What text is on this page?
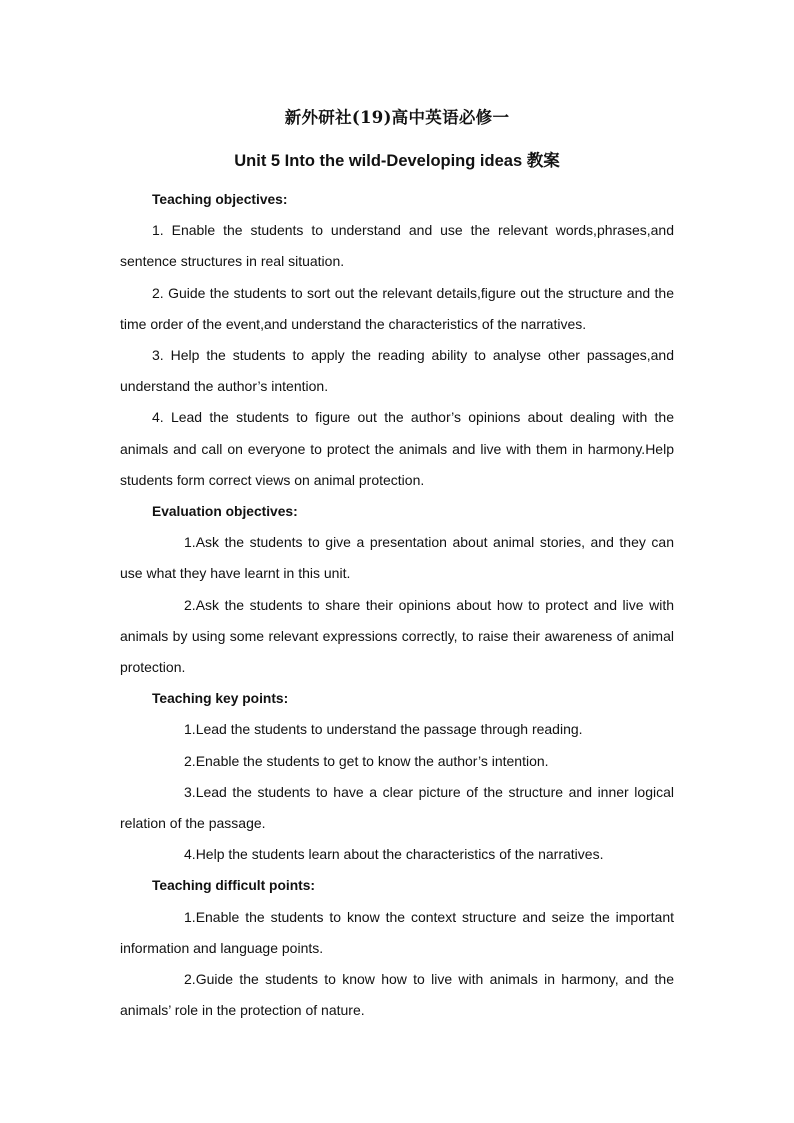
新外研社(19)高中英语必修一
Unit 5 Into the wild-Developing ideas 教案
Teaching objectives:

1. Enable the students to understand and use the relevant words,phrases,and sentence structures in real situation.

2. Guide the students to sort out the relevant details,figure out the structure and the time order of the event,and understand the characteristics of the narratives.

3. Help the students to apply the reading ability to analyse other passages,and understand the author’s intention.

4. Lead the students to figure out the author’s opinions about dealing with the animals and call on everyone to protect the animals and live with them in harmony.Help students form correct views on animal protection.

Evaluation objectives:

1.Ask the students to give a presentation about animal stories, and they can use what they have learnt in this unit.

2.Ask the students to share their opinions about how to protect and live with animals by using some relevant expressions correctly, to raise their awareness of animal protection.

Teaching key points:

1.Lead the students to understand the passage through reading.

2.Enable the students to get to know the author’s intention.

3.Lead the students to have a clear picture of the structure and inner logical relation of the passage.

4.Help the students learn about the characteristics of the narratives.

Teaching difficult points:

1.Enable the students to know the context structure and seize the important information and language points.

2.Guide the students to know how to live with animals in harmony, and the animals’ role in the protection of nature.
